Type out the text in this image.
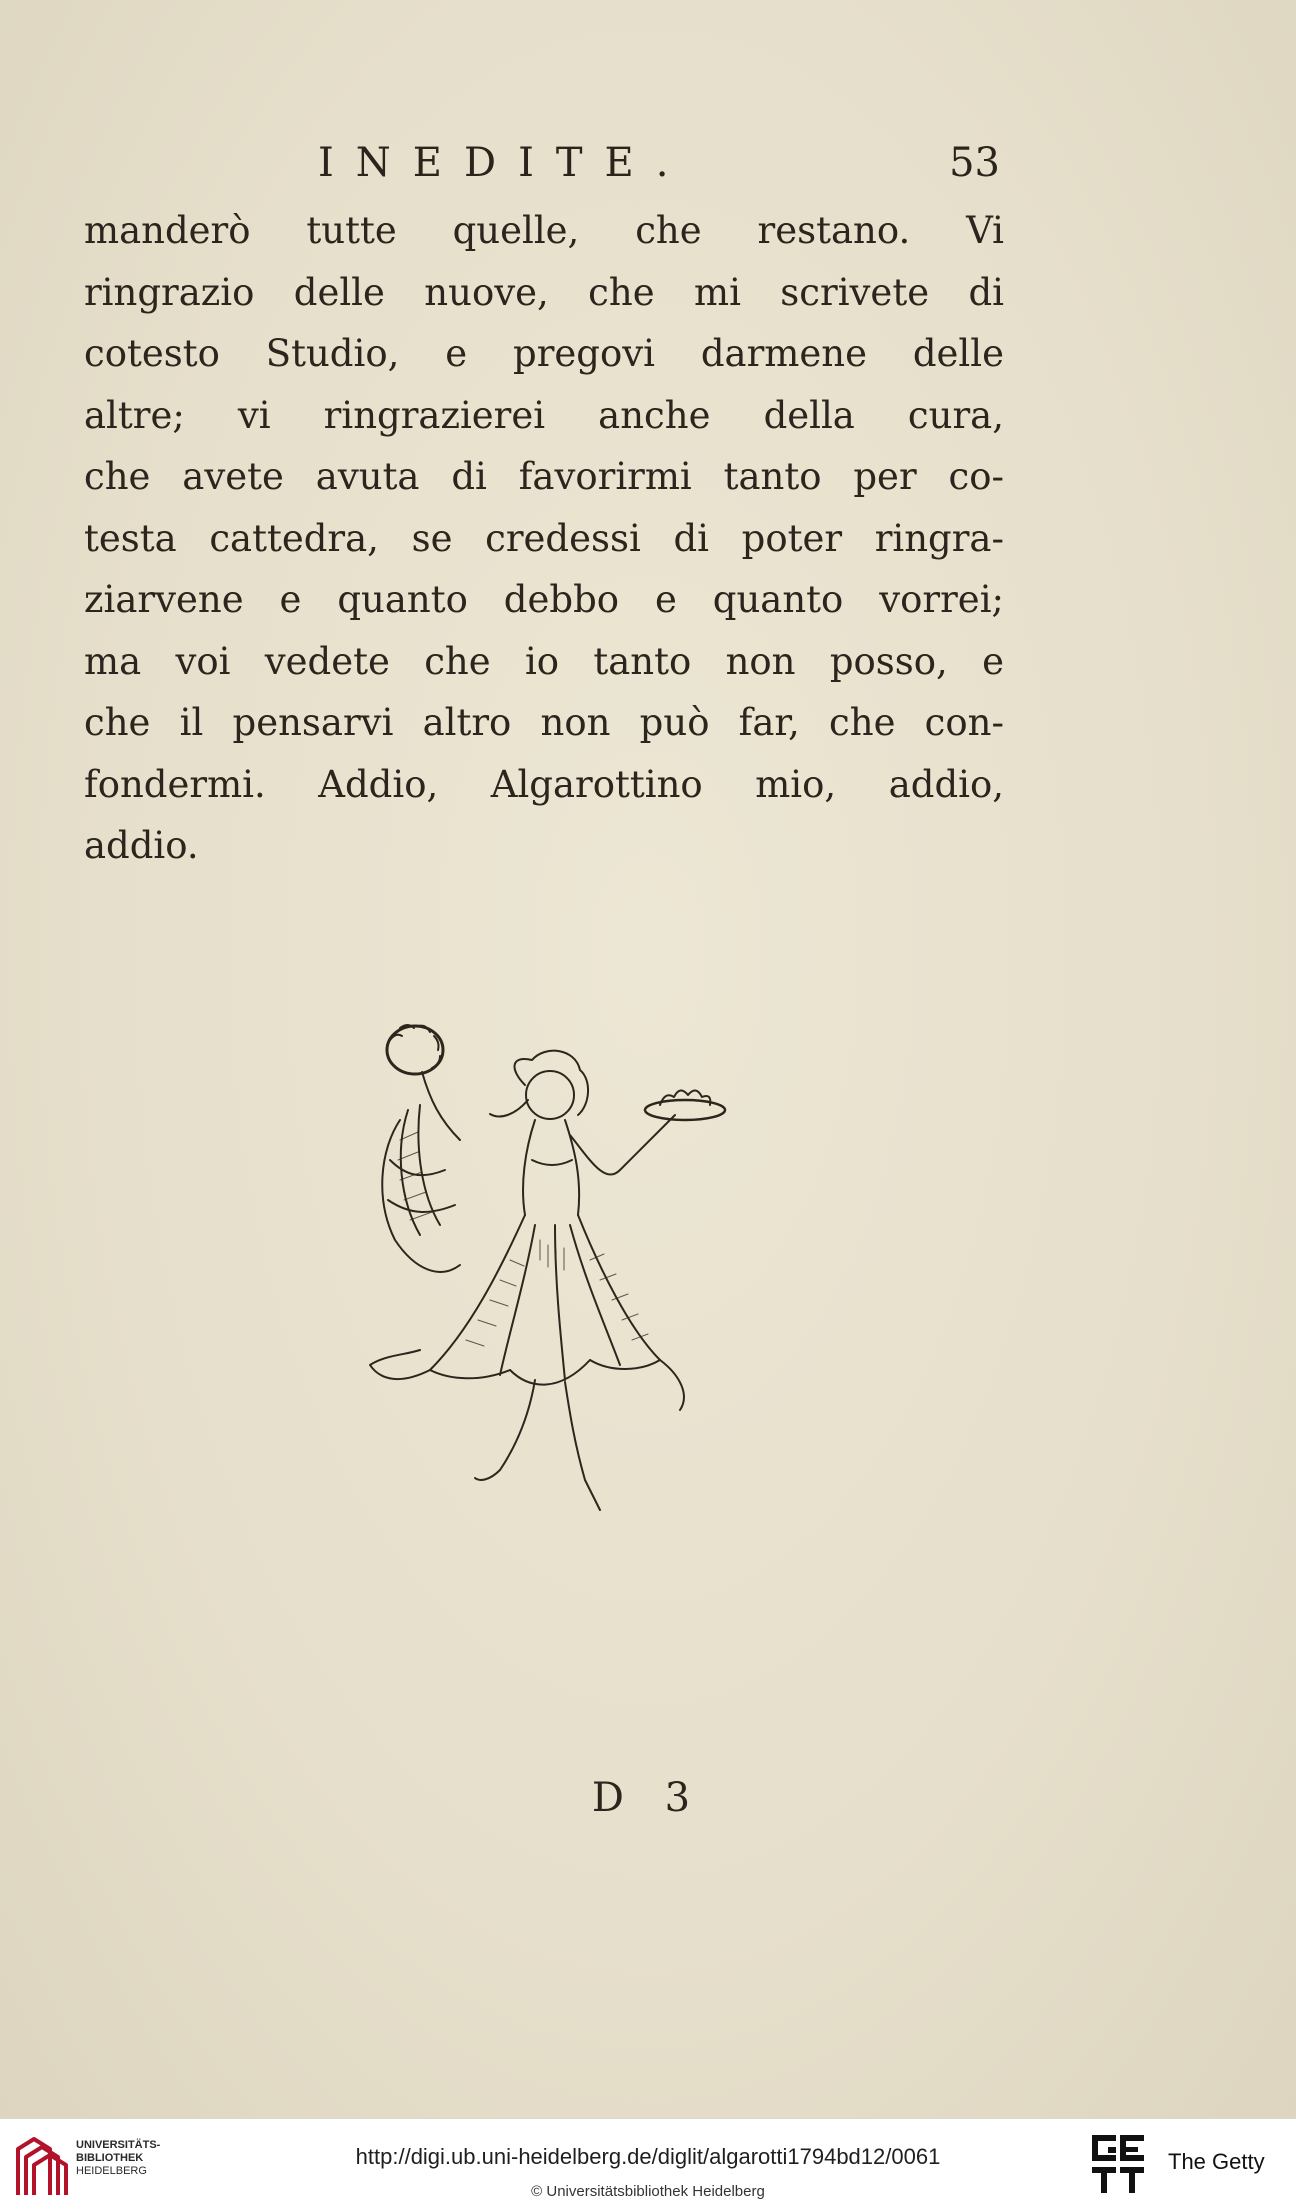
INEDITE.	53
manderò tutte quelle, che restano. Vi
ringrazio delle nuove, che mi scrivete di
cotesto Studio, e pregovi darmene delle
altre; vi ringrazierei anche della cura,
che avete avuta di favorirmi tanto per co-
testa cattedra, se credessi di poter ringra-
ziarvene e quanto debbo e quanto vorrei;
ma voi vedete che io tanto non posso, e
che il pensarvi altro non può far, che con-
fondermi. Addio, Algarottino mio, addio,
addio.
D 3
UNIVERSITÄTS-
BIBLIOTHEK
HEIDELBERG
http://digi.ub.uni-heidelberg.de/diglit/algarotti1794bd12/0061
© Universitätsbibliothek Heidelberg
The Getty
